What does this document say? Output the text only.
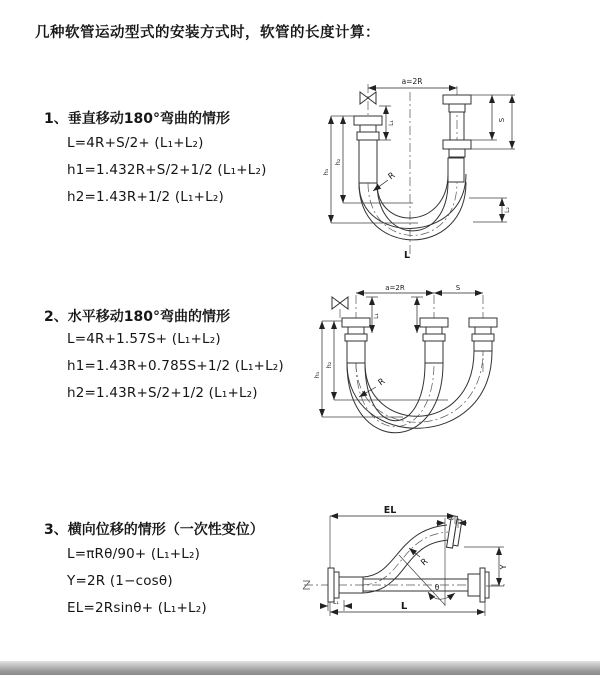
几种软管运动型式的安装方式时，软管的长度计算：
1、垂直移动180°弯曲的情形
L=4R+S/2+ (L₁+L₂)
h1=1.432R+S/2+1/2 (L₁+L₂)
h2=1.43R+1/2 (L₁+L₂)
2、水平移动180°弯曲的情形
L=4R+1.57S+ (L₁+L₂)
h1=1.43R+0.785S+1/2 (L₁+L₂)
h2=1.43R+S/2+1/2 (L₁+L₂)
3、横向位移的情形（一次性变位）
L=πRθ/90+ (L₁+L₂)
Y=2R (1−cosθ)
EL=2Rsinθ+ (L₁+L₂)
a=2R
S
L₁
L₂
h₁
h₂
R
L
a=2R	S
L₁
h₁
h₂
R
EL
L₂
Y
L
L₁
R
θ
